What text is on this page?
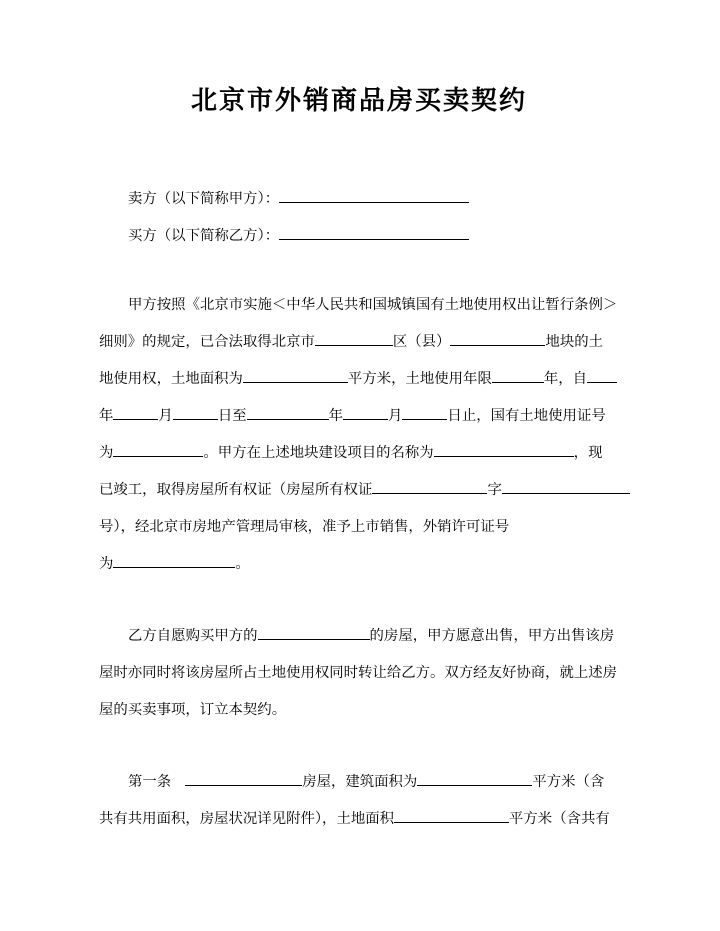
北京市外销商品房买卖契约
卖方（以下简称甲方）：
买方（以下简称乙方）：
甲方按照《北京市实施＜中华人民共和国城镇国有土地使用权出让暂行条例＞
细则》的规定，已合法取得北京市	区（县）	地块的土
地使用权，土地面积为	平方米，土地使用年限	年，自
年	月	日至	年	月	日止，国有土地使用证号
为	。甲方在上述地块建设项目的名称为	，现
已竣工，取得房屋所有权证（房屋所有权证	字
号），经北京市房地产管理局审核，准予上市销售，外销许可证号
为	。
乙方自愿购买甲方的	的房屋，甲方愿意出售，甲方出售该房
屋时亦同时将该房屋所占土地使用权同时转让给乙方。双方经友好协商，就上述房
屋的买卖事项，订立本契约。
第一条	房屋，建筑面积为	平方米（含
共有共用面积，房屋状况详见附件），土地面积	平方米（含共有
